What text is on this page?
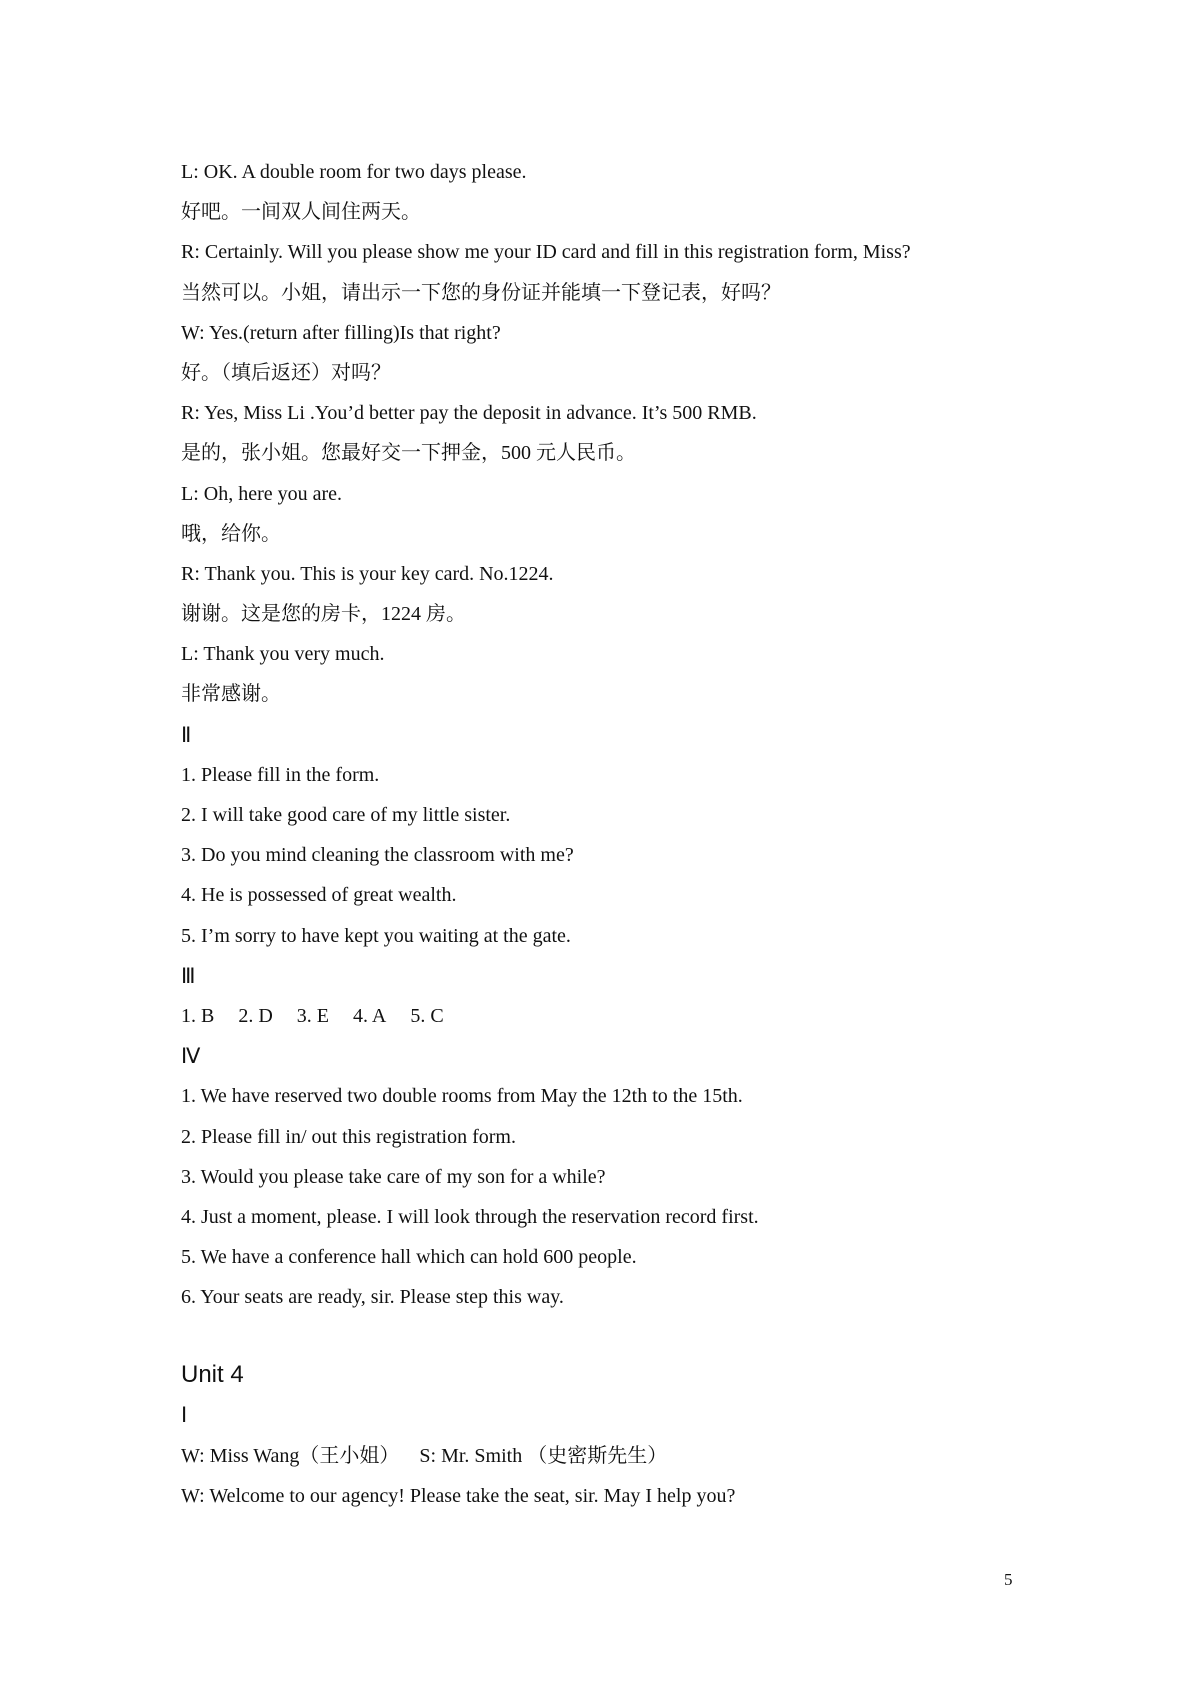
L: OK. A double room for two days please.
好吧。一间双人间住两天。
R: Certainly. Will you please show me your ID card and fill in this registration form, Miss?
当然可以。小姐，请出示一下您的身份证并能填一下登记表，好吗？
W: Yes.(return after filling)Is that right?
好。（填后返还）对吗？
R: Yes, Miss Li .You’d better pay the deposit in advance. It’s 500 RMB.
是的，张小姐。您最好交一下押金，500 元人民币。
L: Oh, here you are.
哦，给你。
R: Thank you. This is your key card. No.1224.
谢谢。这是您的房卡，1224 房。
L: Thank you very much.
非常感谢。
Ⅱ
1. Please fill in the form.
2. I will take good care of my little sister.
3. Do you mind cleaning the classroom with me?
4. He is possessed of great wealth.
5. I’m sorry to have kept you waiting at the gate.
Ⅲ
1. B 2. D 3. E 4. A 5. C
Ⅳ
1. We have reserved two double rooms from May the 12th to the 15th.
2. Please fill in/ out this registration form.
3. Would you please take care of my son for a while?
4. Just a moment, please. I will look through the reservation record first.
5. We have a conference hall which can hold 600 people.
6. Your seats are ready, sir. Please step this way.
Unit 4
Ⅰ
W: Miss Wang（王小姐）    S: Mr. Smith （史密斯先生）
W: Welcome to our agency! Please take the seat, sir. May I help you?
5
